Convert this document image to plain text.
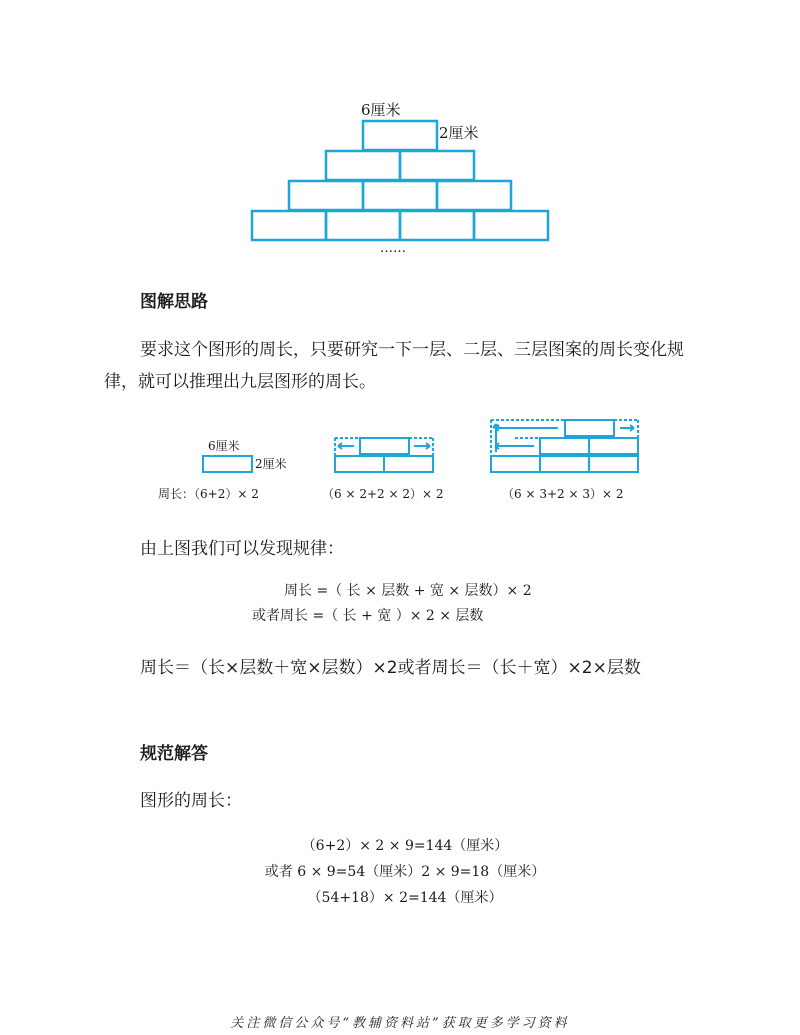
6厘米
2厘米
……
图解思路
要求这个图形的周长，只要研究一下一层、二层、三层图案的周长变化规律，就可以推理出九层图形的周长。
6厘米
2厘米
周长：（6+2）× 2	（6 × 2+2 × 2）× 2	（6 × 3+2 × 3）× 2
由上图我们可以发现规律：
周长 =（ 长 × 层数 + 宽 × 层数）× 2
或者周长 =（ 长 + 宽 ）× 2 × 层数
周长＝（长×层数＋宽×层数）×2或者周长＝（长＋宽）×2×层数
规范解答
图形的周长：
（6+2）× 2 × 9=144（厘米）
或者 6 × 9=54（厘米）2 × 9=18（厘米）
（54+18）× 2=144（厘米）
关注微信公众号“教辅资料站”获取更多学习资料
